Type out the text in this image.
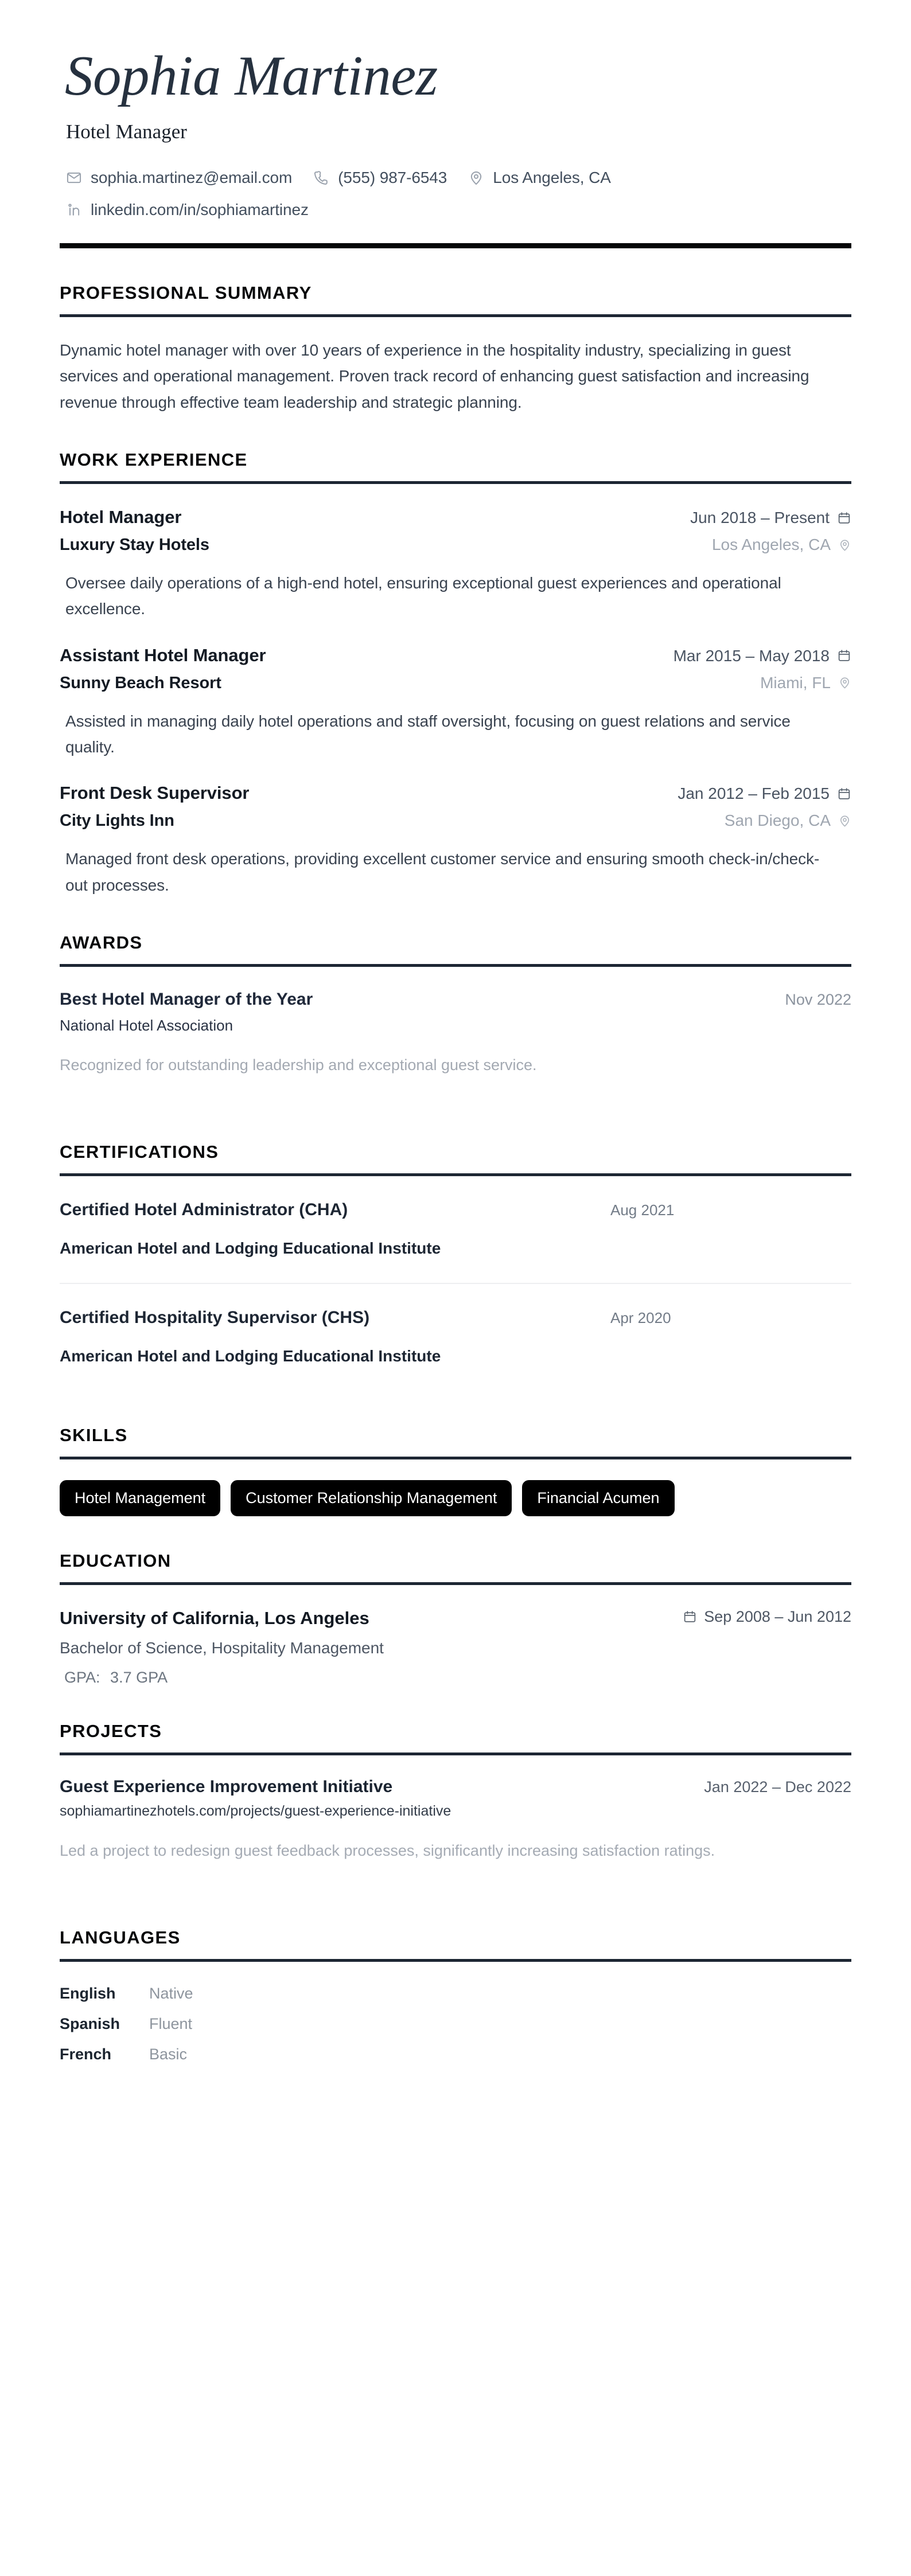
Sophia Martinez
Hotel Manager
sophia.martinez@email.com	(555) 987-6543	Los Angeles, CA
linkedin.com/in/sophiamartinez
PROFESSIONAL SUMMARY
Dynamic hotel manager with over 10 years of experience in the hospitality industry, specializing in guest services and operational management. Proven track record of enhancing guest satisfaction and increasing revenue through effective team leadership and strategic planning.
WORK EXPERIENCE
Hotel Manager	Jun 2018 – Present
Luxury Stay Hotels	Los Angeles, CA
Oversee daily operations of a high-end hotel, ensuring exceptional guest experiences and operational excellence.
Assistant Hotel Manager	Mar 2015 – May 2018
Sunny Beach Resort	Miami, FL
Assisted in managing daily hotel operations and staff oversight, focusing on guest relations and service quality.
Front Desk Supervisor	Jan 2012 – Feb 2015
City Lights Inn	San Diego, CA
Managed front desk operations, providing excellent customer service and ensuring smooth check-in/check-out processes.
AWARDS
Best Hotel Manager of the Year	Nov 2022
National Hotel Association
Recognized for outstanding leadership and exceptional guest service.
CERTIFICATIONS
Certified Hotel Administrator (CHA)	Aug 2021
American Hotel and Lodging Educational Institute
Certified Hospitality Supervisor (CHS)	Apr 2020
American Hotel and Lodging Educational Institute
SKILLS
Hotel Management	Customer Relationship Management	Financial Acumen
EDUCATION
University of California, Los Angeles	Sep 2008 – Jun 2012
Bachelor of Science, Hospitality Management
GPA: 3.7 GPA
PROJECTS
Guest Experience Improvement Initiative	Jan 2022 – Dec 2022
sophiamartinezhotels.com/projects/guest-experience-initiative
Led a project to redesign guest feedback processes, significantly increasing satisfaction ratings.
LANGUAGES
English	Native
Spanish	Fluent
French	Basic
